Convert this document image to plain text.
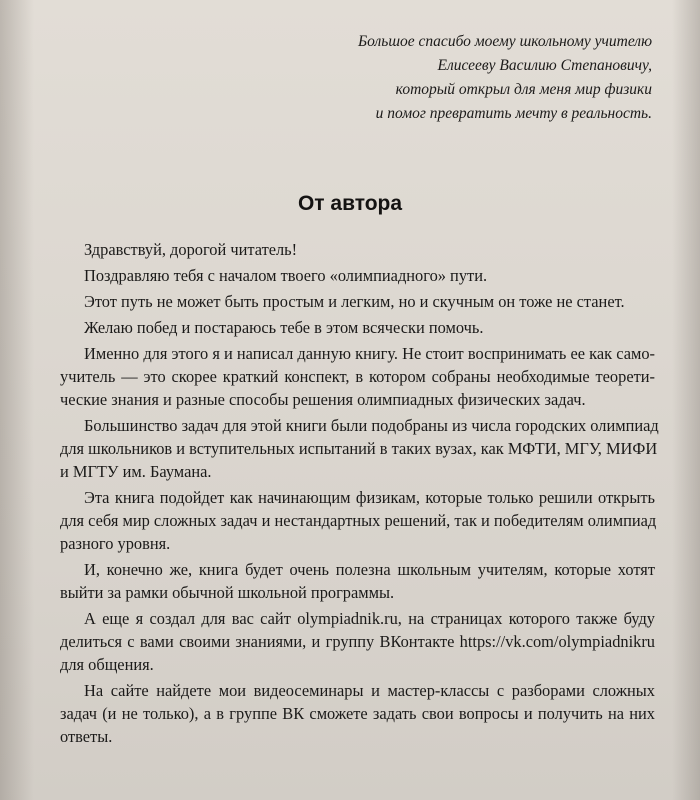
Большое спасибо моему школьному учителю
Елисееву Василию Степановичу,
который открыл для меня мир физики
и помог превратить мечту в реальность.
От автора
Здравствуй, дорогой читатель!
Поздравляю тебя с началом твоего «олимпиадного» пути.
Этот путь не может быть простым и легким, но и скучным он тоже не станет.
Желаю побед и постараюсь тебе в этом всячески помочь.
Именно для этого я и написал данную книгу. Не стоит воспринимать ее как само-
учитель — это скорее краткий конспект, в котором собраны необходимые теорети-
ческие знания и разные способы решения олимпиадных физических задач.
Большинство задач для этой книги были подобраны из числа городских олимпиад
для школьников и вступительных испытаний в таких вузах, как МФТИ, МГУ, МИФИ
и МГТУ им. Баумана.
Эта книга подойдет как начинающим физикам, которые только решили открыть
для себя мир сложных задач и нестандартных решений, так и победителям олимпиад
разного уровня.
И, конечно же, книга будет очень полезна школьным учителям, которые хотят
выйти за рамки обычной школьной программы.
А еще я создал для вас сайт olympiadnik.ru, на страницах которого также буду
делиться с вами своими знаниями, и группу ВКонтакте https://vk.com/olympiadnikru
для общения.
На сайте найдете мои видеосеминары и мастер-классы с разборами сложных
задач (и не только), а в группе ВК сможете задать свои вопросы и получить на них
ответы.
